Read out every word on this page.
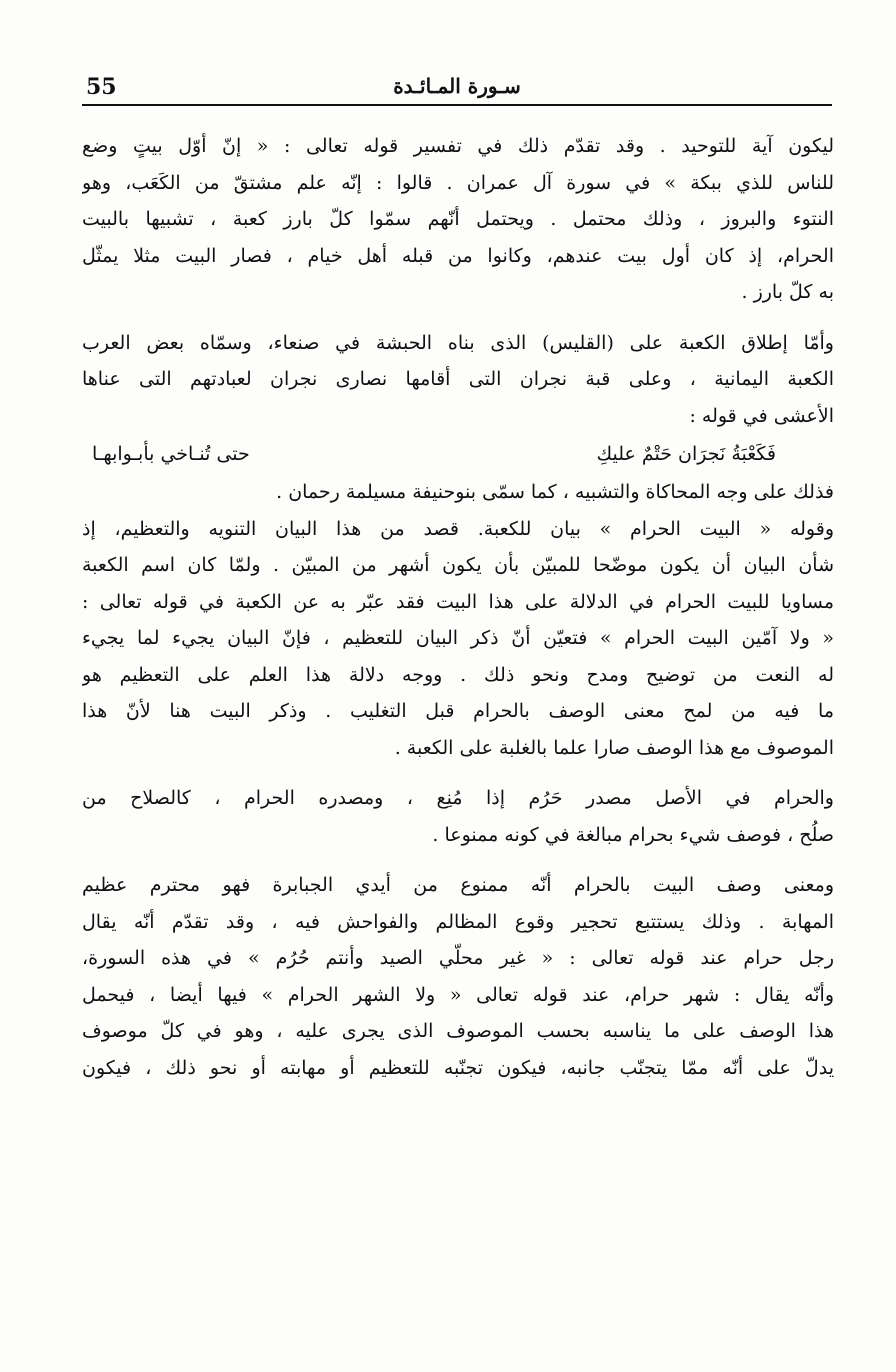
55	سـورة المـائـدة
ليكون آية للتوحيد . وقد تقدّم ذلك في تفسير قوله تعالى : « إنّ أوّل بيتٍ وضع
للناس للذي ببكة » في سورة آل عمران . قالوا : إنّه علم مشتقّ من الكَعَب، وهو
النتوء والبروز ، وذلك محتمل . ويحتمل أنّهم سمّوا كلّ بارز كعبة ، تشبيها بالبيت
الحرام، إذ كان أول بيت عندهم، وكانوا من قبله أهل خيام ، فصار البيت مثلا يمثّل
به كلّ بارز .
وأمّا إطلاق الكعبة على (القليس) الذى بناه الحبشة في صنعاء، وسمّاه بعض العرب
الكعبة اليمانية ، وعلى قبة نجران التى أقامها نصارى نجران لعبادتهم التى عناها
الأعشى في قوله :
فَكَعْبَةُ نَجرَان حَتْمٌ عليكِ
حتى تُنـاخي بأبـوابهـا
فذلك على وجه المحاكاة والتشبيه ، كما سمّى بنوحنيفة مسيلمة رحمان .
وقوله « البيت الحرام » بيان للكعبة. قصد من هذا البيان التنويه والتعظيم، إذ
شأن البيان أن يكون موضّحا للمبيّن بأن يكون أشهر من المبيّن . ولمّا كان اسم الكعبة
مساويا للبيت الحرام في الدلالة على هذا البيت فقد عبّر به عن الكعبة في قوله تعالى :
« ولا آمّين البيت الحرام » فتعيّن أنّ ذكر البيان للتعظيم ، فإنّ البيان يجيء لما يجيء
له النعت من توضيح ومدح ونحو ذلك . ووجه دلالة هذا العلم على التعظيم هو
ما فيه من لمح معنى الوصف بالحرام قبل التغليب . وذكر البيت هنا لأنّ هذا
الموصوف مع هذا الوصف صارا علما بالغلبة على الكعبة .
والحرام في الأصل مصدر حَرُم إذا مُنِع ، ومصدره الحرام ، كالصلاح من
صلُح ، فوصف شيء بحرام مبالغة في كونه ممنوعا .
ومعنى وصف البيت بالحرام أنّه ممنوع من أيدي الجبابرة فهو محترم عظيم
المهابة . وذلك يستتبع تحجير وقوع المظالم والفواحش فيه ، وقد تقدّم أنّه يقال
رجل حرام عند قوله تعالى : « غير محلّي الصيد وأنتم حُرُم » في هذه السورة،
وأنّه يقال : شهر حرام، عند قوله تعالى « ولا الشهر الحرام » فيها أيضا ، فيحمل
هذا الوصف على ما يناسبه بحسب الموصوف الذى يجرى عليه ، وهو في كلّ موصوف
يدلّ على أنّه ممّا يتجنّب جانبه، فيكون تجنّبه للتعظيم أو مهابته أو نحو ذلك ، فيكون
